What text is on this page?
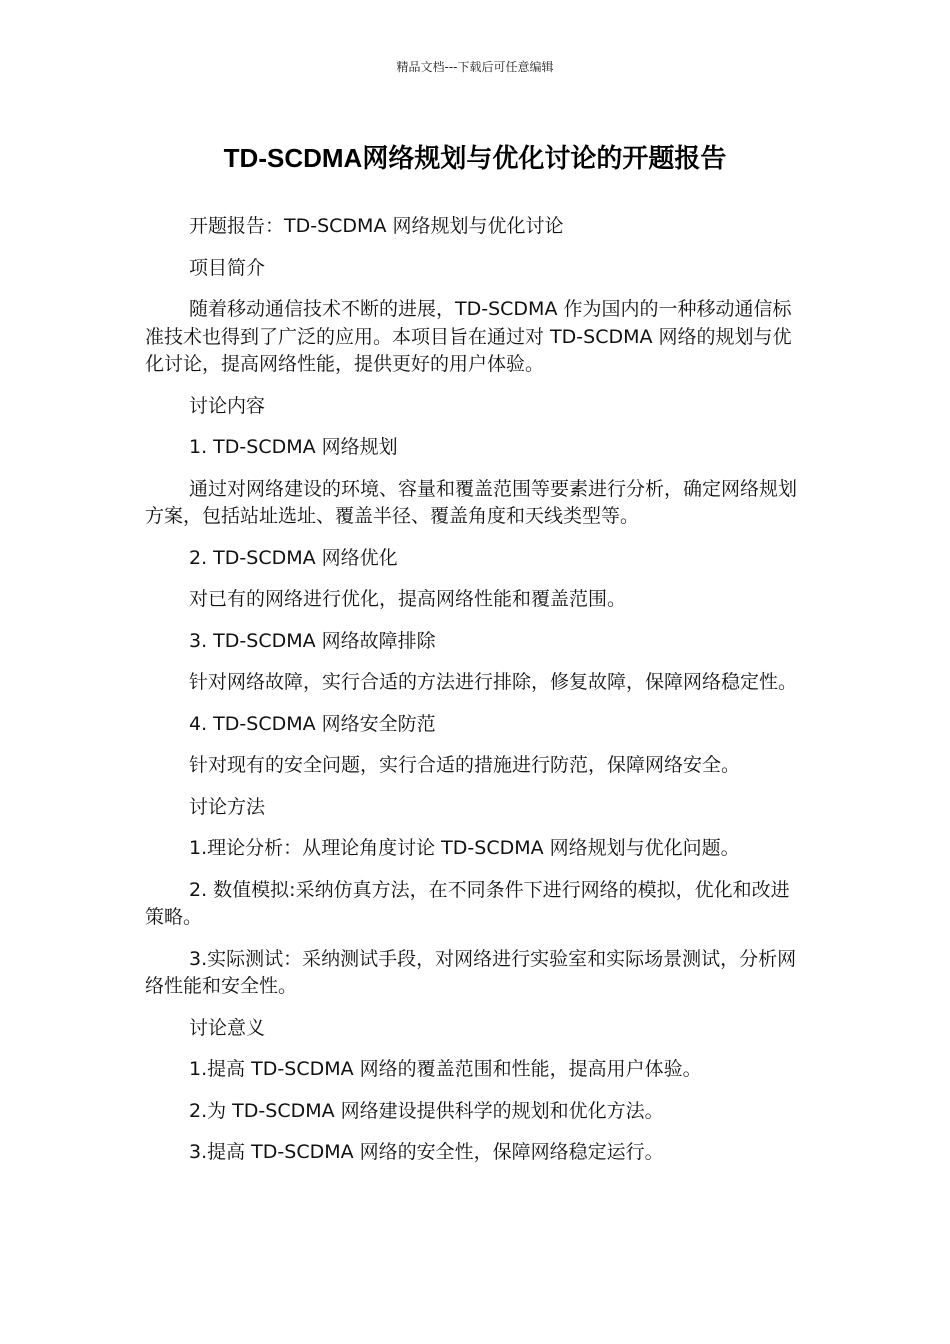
精品文档---下载后可任意编辑
TD-SCDMA网络规划与优化讨论的开题报告

开题报告：TD-SCDMA 网络规划与优化讨论

项目简介

随着移动通信技术不断的进展，TD-SCDMA 作为国内的一种移动通信标准技术也得到了广泛的应用。本项目旨在通过对 TD-SCDMA 网络的规划与优化讨论，提高网络性能，提供更好的用户体验。

讨论内容

1. TD-SCDMA 网络规划

通过对网络建设的环境、容量和覆盖范围等要素进行分析，确定网络规划方案，包括站址选址、覆盖半径、覆盖角度和天线类型等。

2. TD-SCDMA 网络优化

对已有的网络进行优化，提高网络性能和覆盖范围。

3. TD-SCDMA 网络故障排除

针对网络故障，实行合适的方法进行排除，修复故障，保障网络稳定性。

4. TD-SCDMA 网络安全防范

针对现有的安全问题，实行合适的措施进行防范，保障网络安全。

讨论方法

1.理论分析：从理论角度讨论 TD-SCDMA 网络规划与优化问题。

2. 数值模拟:采纳仿真方法，在不同条件下进行网络的模拟，优化和改进策略。

3.实际测试：采纳测试手段，对网络进行实验室和实际场景测试，分析网络性能和安全性。

讨论意义

1.提高 TD-SCDMA 网络的覆盖范围和性能，提高用户体验。

2.为 TD-SCDMA 网络建设提供科学的规划和优化方法。

3.提高 TD-SCDMA 网络的安全性，保障网络稳定运行。
